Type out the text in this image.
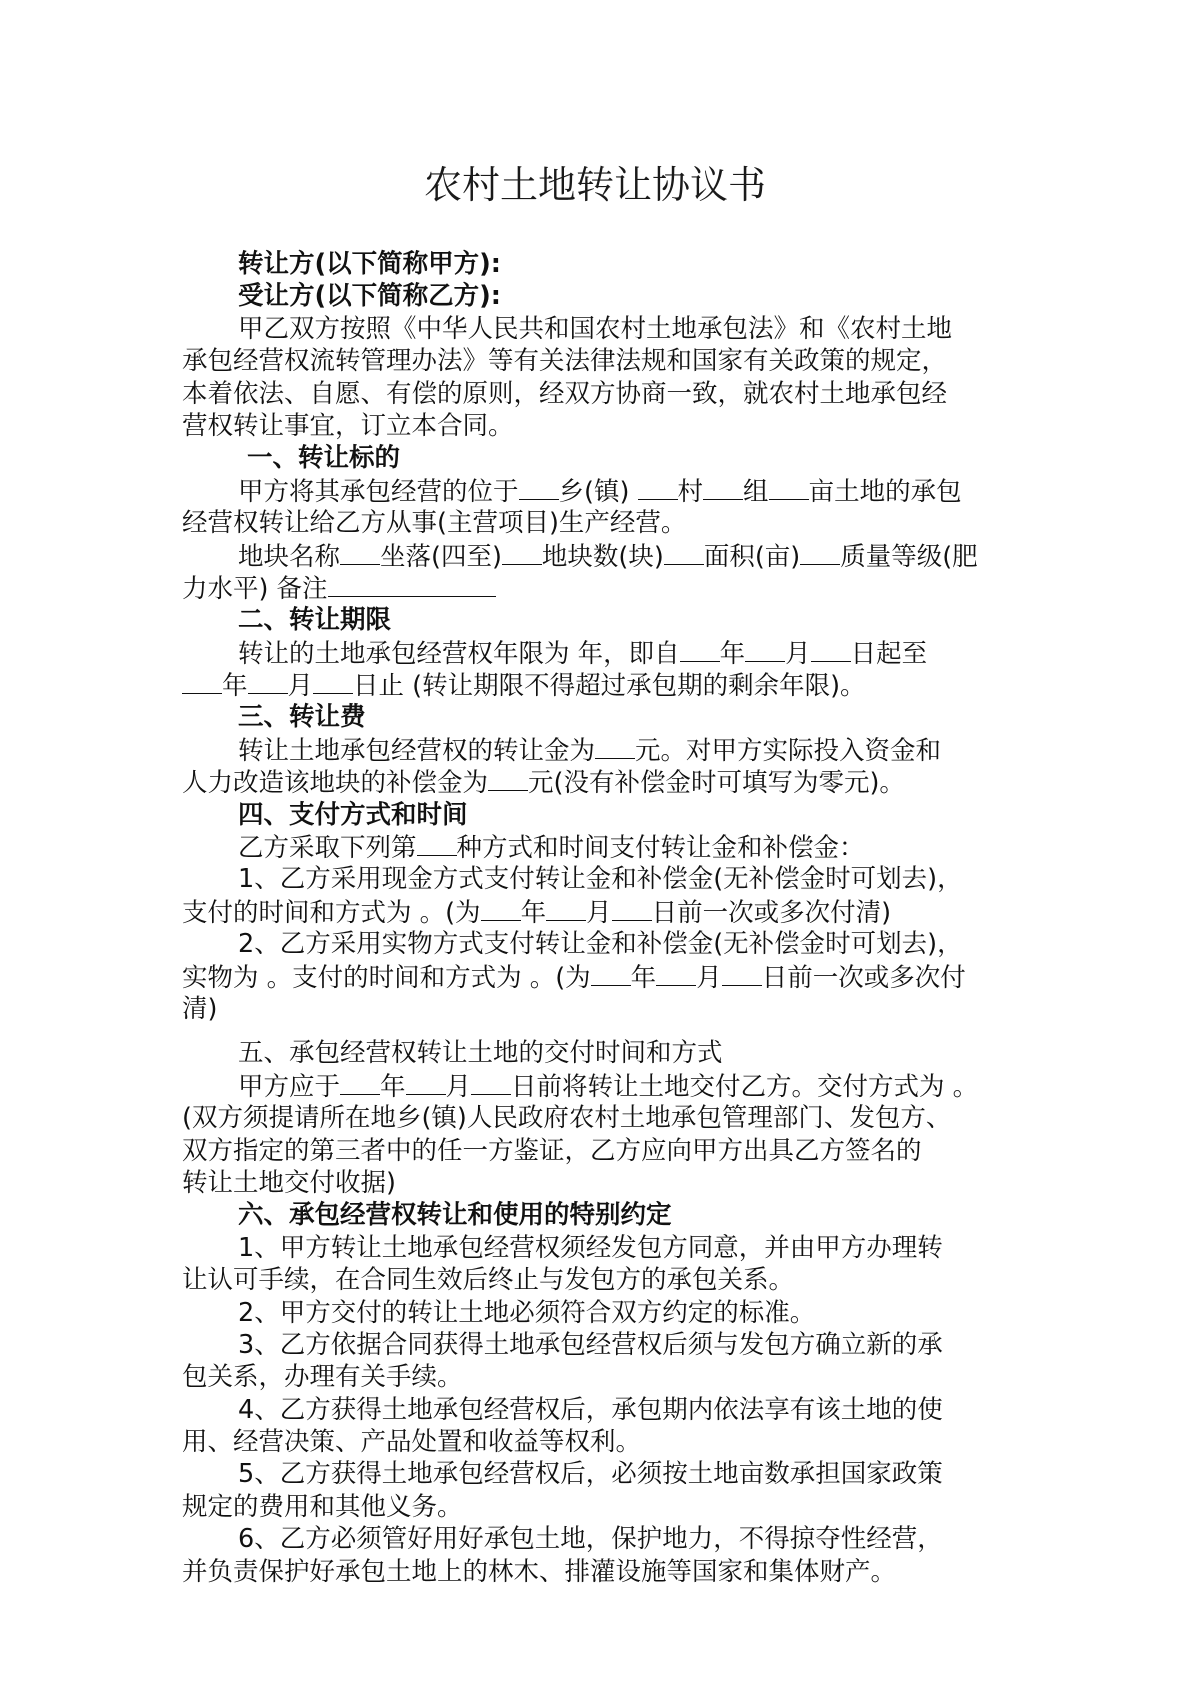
农村土地转让协议书
转让方(以下简称甲方):
受让方(以下简称乙方):
甲乙双方按照《中华人民共和国农村土地承包法》和《农村土地
承包经营权流转管理办法》等有关法律法规和国家有关政策的规定，
本着依法、自愿、有偿的原则，经双方协商一致，就农村土地承包经
营权转让事宜，订立本合同。
一、转让标的
甲方将其承包经营的位于 乡(镇) 村 组 亩土地的承包
经营权转让给乙方从事(主营项目)生产经营。
地块名称 坐落(四至) 地块数(块) 面积(亩) 质量等级(肥
力水平) 备注
二、转让期限
转让的土地承包经营权年限为 年，即自 年 月 日起至
年 月 日止 (转让期限不得超过承包期的剩余年限)。
三、转让费
转让土地承包经营权的转让金为 元。对甲方实际投入资金和
人力改造该地块的补偿金为 元(没有补偿金时可填写为零元)。
四、支付方式和时间
乙方采取下列第 种方式和时间支付转让金和补偿金：
1、乙方采用现金方式支付转让金和补偿金(无补偿金时可划去)，
支付的时间和方式为 。(为 年 月 日前一次或多次付清)
2、乙方采用实物方式支付转让金和补偿金(无补偿金时可划去)，
实物为 。支付的时间和方式为 。(为 年 月 日前一次或多次付
清)
五、承包经营权转让土地的交付时间和方式
甲方应于 年 月 日前将转让土地交付乙方。交付方式为 。
(双方须提请所在地乡(镇)人民政府农村土地承包管理部门、发包方、
双方指定的第三者中的任一方鉴证，乙方应向甲方出具乙方签名的
转让土地交付收据)
六、承包经营权转让和使用的特别约定
1、甲方转让土地承包经营权须经发包方同意，并由甲方办理转
让认可手续，在合同生效后终止与发包方的承包关系。
2、甲方交付的转让土地必须符合双方约定的标准。
3、乙方依据合同获得土地承包经营权后须与发包方确立新的承
包关系，办理有关手续。
4、乙方获得土地承包经营权后，承包期内依法享有该土地的使
用、经营决策、产品处置和收益等权利。
5、乙方获得土地承包经营权后，必须按土地亩数承担国家政策
规定的费用和其他义务。
6、乙方必须管好用好承包土地，保护地力，不得掠夺性经营，
并负责保护好承包土地上的林木、排灌设施等国家和集体财产。
